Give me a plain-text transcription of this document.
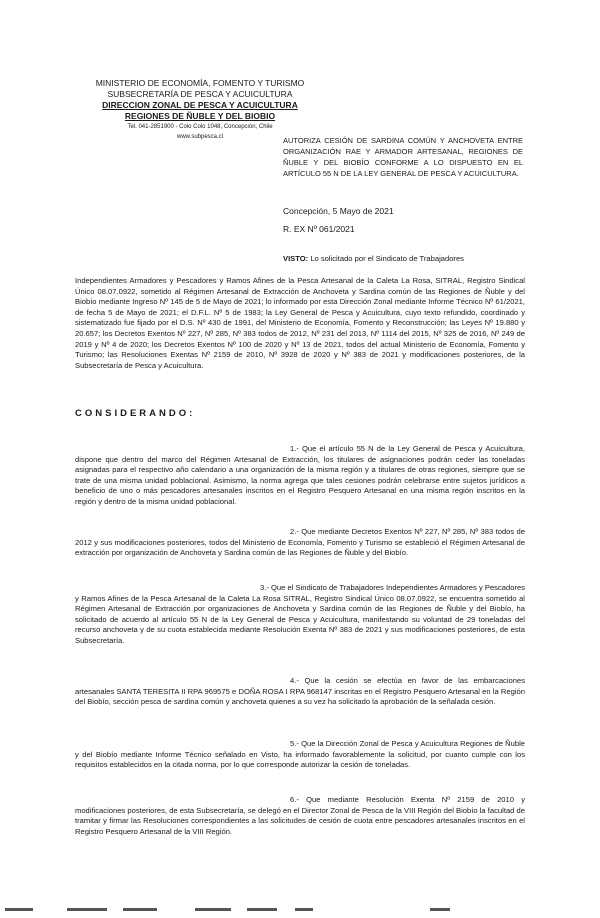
MINISTERIO DE ECONOMÍA, FOMENTO Y TURISMO
SUBSECRETARÍA DE PESCA Y ACUICULTURA
DIRECCION ZONAL DE PESCA Y ACUICULTURA
REGIONES DE ÑUBLE Y DEL BIOBIO
Tel. 041-2851900 - Colo Colo 1048, Concepción, Chile
www.subpesca.cl	AUTORIZA CESIÓN DE SARDINA COMÚN Y ANCHOVETA ENTRE ORGANIZACIÓN RAE Y ARMADOR ARTESANAL, REGIONES DE ÑUBLE Y DEL BIOBÍO CONFORME A LO DISPUESTO EN EL ARTÍCULO 55 N DE LA LEY GENERAL DE PESCA Y ACUICULTURA.
Concepción, 5 Mayo de 2021
R. EX Nº 061/2021
VISTO: Lo solicitado por el Sindicato de Trabajadores
Independientes Armadores y Pescadores y Ramos Afines de la Pesca Artesanal de la Caleta La Rosa, SITRAL, Registro Sindical Único 08.07.0922, sometido al Régimen Artesanal de Extracción de Anchoveta y Sardina común de las Regiones de Ñuble y del Biobío mediante Ingreso Nº 145 de 5 de Mayo de 2021; lo informado por esta Dirección Zonal mediante Informe Técnico Nº 61/2021, de fecha 5 de Mayo de 2021; el D.F.L. Nº 5 de 1983; la Ley General de Pesca y Acuicultura, cuyo texto refundido, coordinado y sistematizado fue fijado por el D.S. Nº 430 de 1991, del Ministerio de Economía, Fomento y Reconstrucción; las Leyes Nº 19.880 y 20.657; los Decretos Exentos Nº 227, Nº 285, Nº 383 todos de 2012, Nº 231 del 2013, Nº 1114 del 2015, Nº 325 de 2016, Nº 249 de 2019 y Nº 4 de 2020; los Decretos Exentos Nº 100 de 2020 y Nº 13 de 2021, todos del actual Ministerio de Economía, Fomento y Turismo; las Resoluciones Exentas Nº 2159 de 2010, Nº 3928 de 2020 y Nº 383 de 2021 y modificaciones posteriores, de la Subsecretaría de Pesca y Acuicultura.
CONSIDERANDO:
1.- Que el artículo 55 N de la Ley General de Pesca y Acuicultura, dispone que dentro del marco del Régimen Artesanal de Extracción, los titulares de asignaciones podrán ceder las toneladas asignadas para el respectivo año calendario a una organización de la misma región y a titulares de otras regiones, siempre que se trate de una misma unidad poblacional. Asimismo, la norma agrega que tales cesiones podrán celebrarse entre sujetos jurídicos a beneficio de uno o más pescadores artesanales inscritos en el Registro Pesquero Artesanal en una misma región inscritos en la región y dentro de la misma unidad poblacional.
2.- Que mediante Decretos Exentos Nº 227, Nº 285, Nº 383 todos de 2012 y sus modificaciones posteriores, todos del Ministerio de Economía, Fomento y Turismo se estableció el Régimen Artesanal de extracción por organización de Anchoveta y Sardina común de las Regiones de Ñuble y del Biobío.
3.- Que el Sindicato de Trabajadores Independientes Armadores y Pescadores y Ramos Afines de la Pesca Artesanal de la Caleta La Rosa SITRAL, Registro Sindical Único 08.07.0922, se encuentra sometido al Régimen Artesanal de Extracción por organizaciones de Anchoveta y Sardina común de las Regiones de Ñuble y del Biobío, ha solicitado de acuerdo al artículo 55 N de la Ley General de Pesca y Acuicultura, manifestando su voluntad de 29 toneladas del recurso anchoveta y de su cuota establecida mediante Resolución Exenta Nº 383 de 2021 y sus modificaciones posteriores, de esta Subsecretaría.
4.- Que la cesión se efectúa en favor de las embarcaciones artesanales SANTA TERESITA II RPA 969575 e DOÑA ROSA I RPA 968147 inscritas en el Registro Pesquero Artesanal en la Región del Biobío, sección pesca de sardina común y anchoveta quienes a su vez ha solicitado la aprobación de la señalada cesión.
5.- Que la Dirección Zonal de Pesca y Acuicultura Regiones de Ñuble y del Biobío mediante Informe Técnico señalado en Visto, ha informado favorablemente la solicitud, por cuanto cumple con los requisitos establecidos en la citada norma, por lo que corresponde autorizar la cesión de toneladas.
6.- Que mediante Resolución Exenta Nº 2159 de 2010 y modificaciones posteriores, de esta Subsecretaría, se delegó en el Director Zonal de Pesca de la VIII Región del Biobío la facultad de tramitar y firmar las Resoluciones correspondientes a las solicitudes de cesión de cuota entre pescadores artesanales inscritos en el Registro Pesquero Artesanal de la VIII Región.
